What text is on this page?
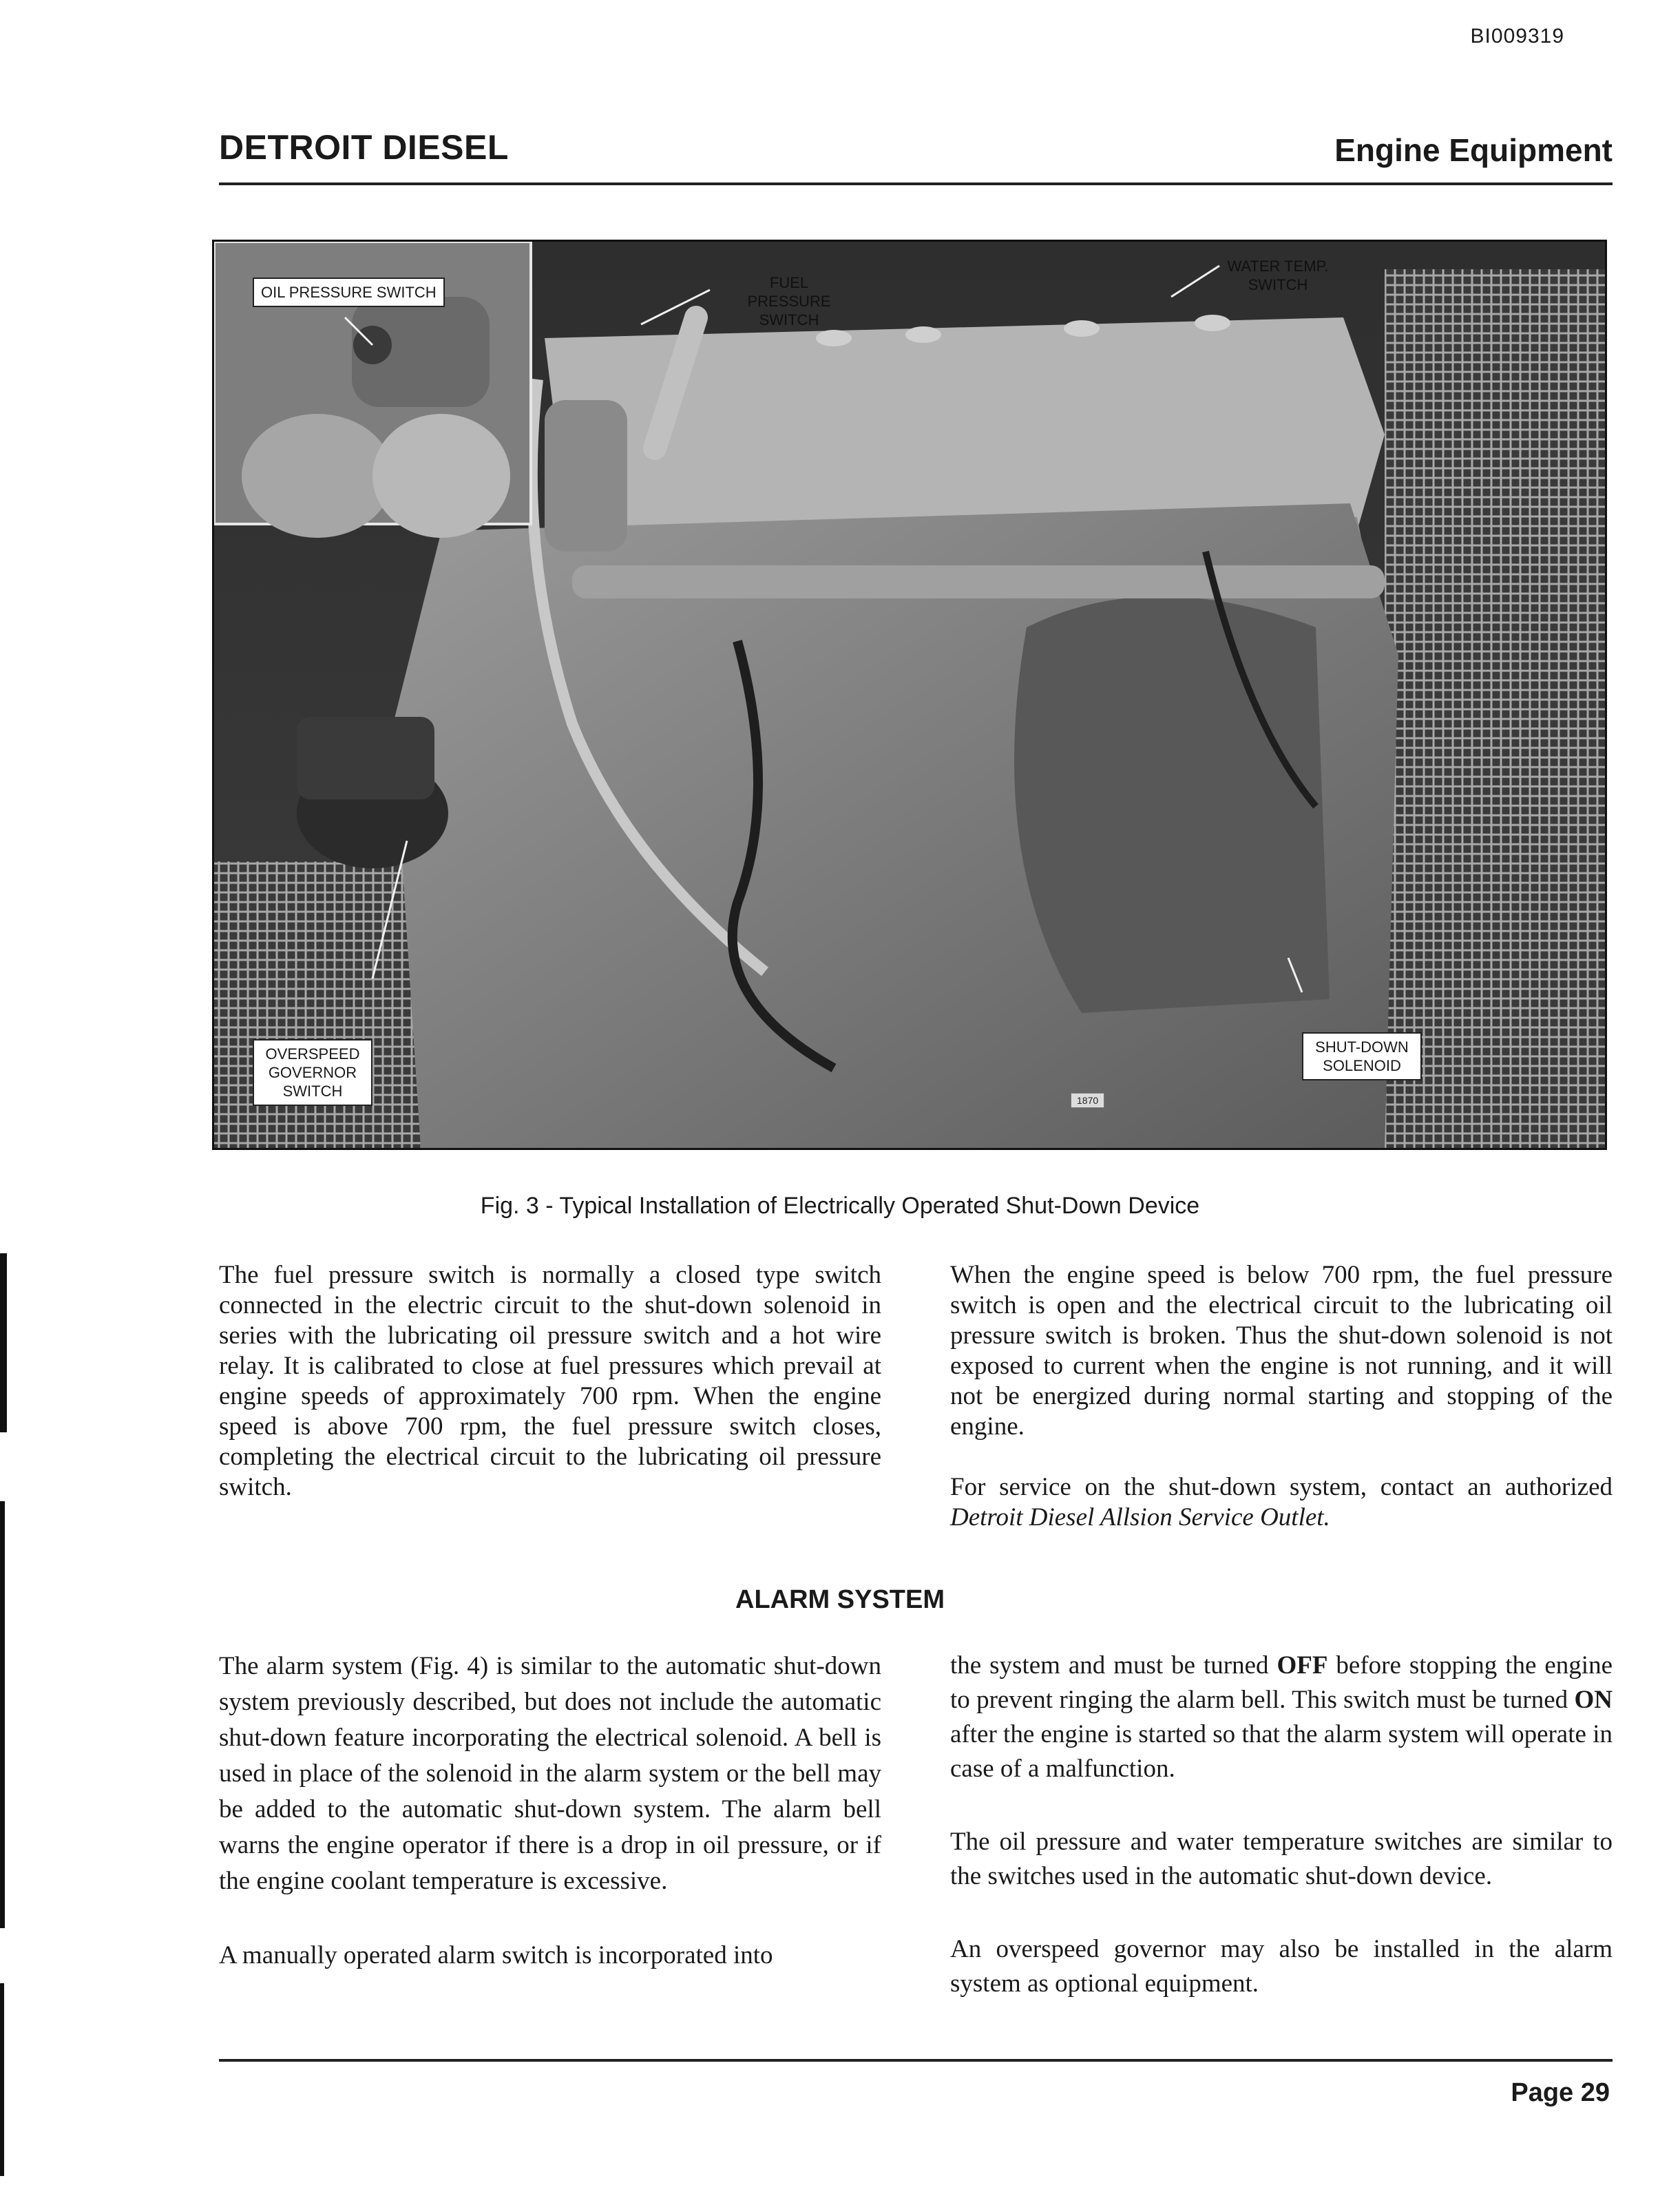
BI009319
DETROIT DIESEL	Engine Equipment
OIL PRESSURE SWITCH
FUEL PRESSURE SWITCH
WATER TEMP. SWITCH
OVERSPEED GOVERNOR SWITCH
SHUT-DOWN SOLENOID
1870
Fig. 3 - Typical Installation of Electrically Operated Shut-Down Device

The fuel pressure switch is normally a closed type switch connected in the electric circuit to the shut-down solenoid in series with the lubricating oil pressure switch and a hot wire relay. It is calibrated to close at fuel pressures which prevail at engine speeds of approximately 700 rpm. When the engine speed is above 700 rpm, the fuel pressure switch closes, completing the electrical circuit to the lubricating oil pressure switch.

When the engine speed is below 700 rpm, the fuel pressure switch is open and the electrical circuit to the lubricating oil pressure switch is broken. Thus the shut-down solenoid is not exposed to current when the engine is not running, and it will not be energized during normal starting and stopping of the engine.

For service on the shut-down system, contact an authorized Detroit Diesel Allsion Service Outlet.

ALARM SYSTEM

The alarm system (Fig. 4) is similar to the automatic shut-down system previously described, but does not include the automatic shut-down feature incorporating the electrical solenoid. A bell is used in place of the solenoid in the alarm system or the bell may be added to the automatic shut-down system. The alarm bell warns the engine operator if there is a drop in oil pressure, or if the engine coolant temperature is excessive.

A manually operated alarm switch is incorporated into

the system and must be turned OFF before stopping the engine to prevent ringing the alarm bell. This switch must be turned ON after the engine is started so that the alarm system will operate in case of a malfunction.

The oil pressure and water temperature switches are similar to the switches used in the automatic shut-down device.

An overspeed governor may also be installed in the alarm system as optional equipment.

Page 29
